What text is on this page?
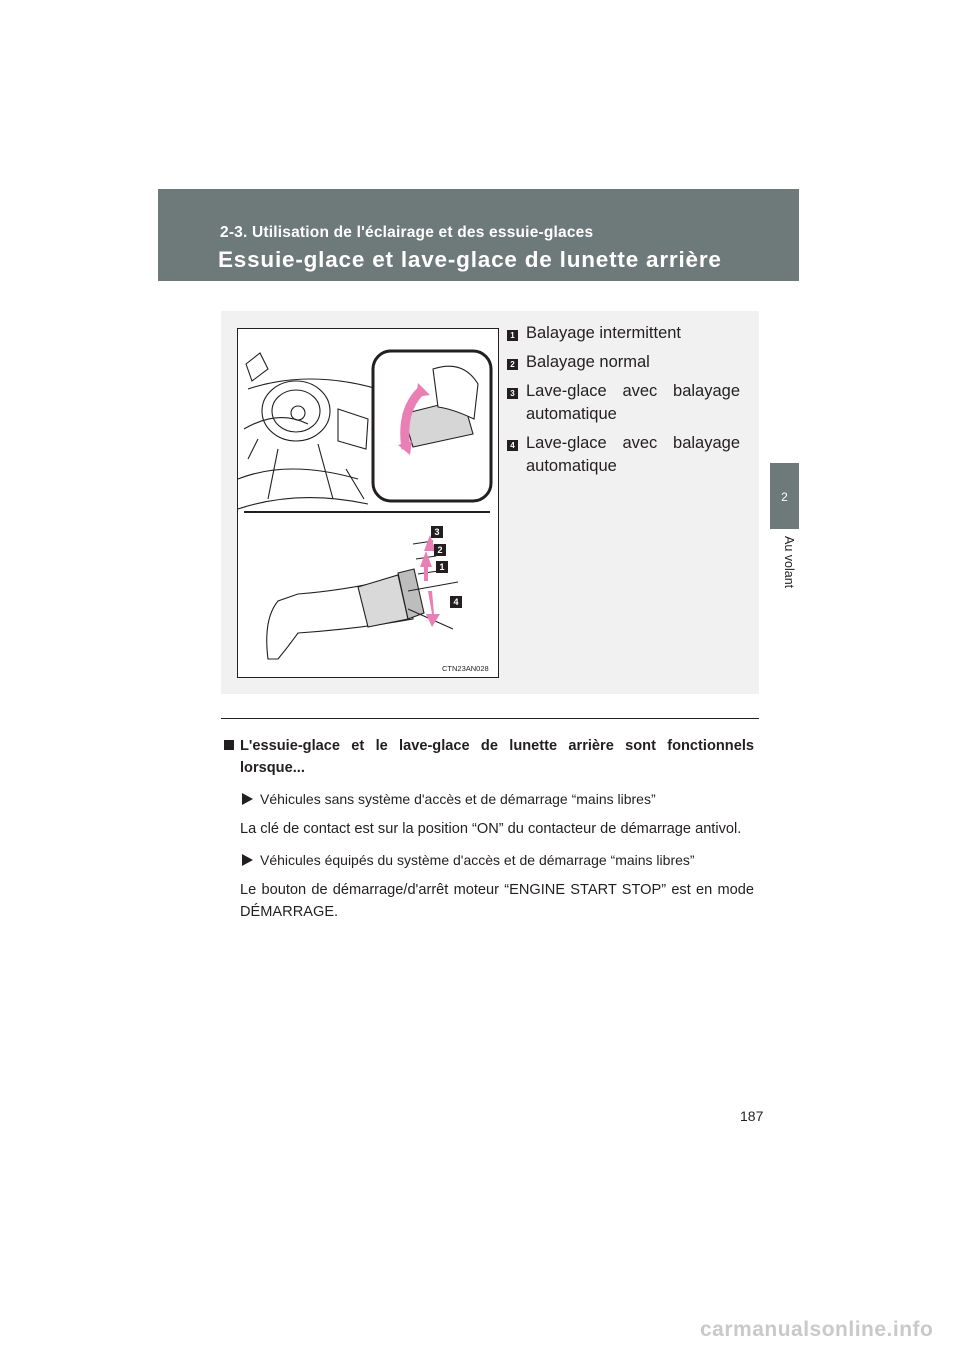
2-3. Utilisation de l'éclairage et des essuie-glaces
Essuie-glace et lave-glace de lunette arrière
2
Au volant
3
2
1
4
CTN23AN028
1 Balayage intermittent
2 Balayage normal
3 Lave-glace avec balayage automatique
4 Lave-glace avec balayage automatique
L'essuie-glace et le lave-glace de lunette arrière sont fonctionnels lorsque...
Véhicules sans système d'accès et de démarrage “mains libres”
La clé de contact est sur la position “ON” du contacteur de démarrage antivol.
Véhicules équipés du système d'accès et de démarrage “mains libres”
Le bouton de démarrage/d'arrêt moteur “ENGINE START STOP” est en mode DÉMARRAGE.
187
carmanualsonline.info
